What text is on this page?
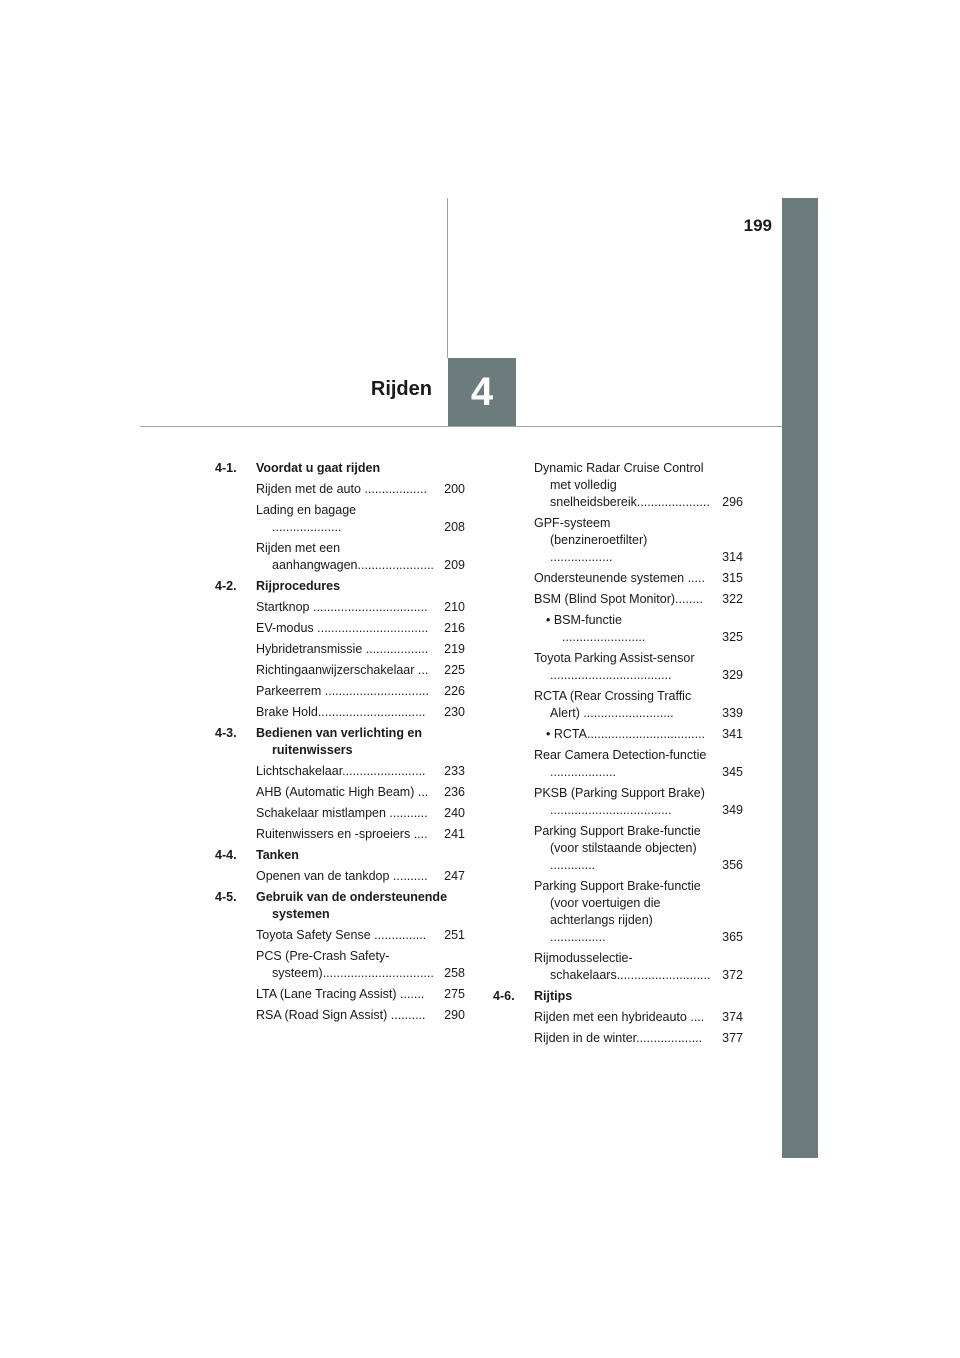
199
4
Rijden
4-1. Voordat u gaat rijden
Rijden met de auto ..................	200
Lading en bagage ....................	208
Rijden met een aanhangwagen...................... 209
4-2. Rijprocedures
Startknop .................................	210
EV-modus ................................	216
Hybridetransmissie ..................	219
Richtingaanwijzerschakelaar ...	225
Parkeerrem ..............................	226
Brake Hold...............................	230
4-3. Bedienen van verlichting en ruitenwissers
Lichtschakelaar........................	233
AHB (Automatic High Beam) ...	236
Schakelaar mistlampen ...........	240
Ruitenwissers en -sproeiers ....	241
4-4. Tanken
Openen van de tankdop ..........	247
4-5. Gebruik van de ondersteunende systemen
Toyota Safety Sense ...............	251
PCS (Pre-Crash Safety-systeem)................................ 258
LTA (Lane Tracing Assist) .......	275
RSA (Road Sign Assist) ..........	290
Dynamic Radar Cruise Control met volledig snelheidsbereik..................... 296
GPF-systeem (benzineroetfilter) ..................	314
Ondersteunende systemen .....	315
BSM (Blind Spot Monitor)........	322
• BSM-functie ........................	325
Toyota Parking Assist-sensor ...................................	329
RCTA (Rear Crossing Traffic Alert) ..........................	339
• RCTA..................................	341
Rear Camera Detection-functie ...................	345
PKSB (Parking Support Brake) ...................................	349
Parking Support Brake-functie (voor stilstaande objecten) .............	356
Parking Support Brake-functie (voor voertuigen die achterlangs rijden) ................	365
Rijmodusselectie-schakelaars........................... 372
4-6. Rijtips
Rijden met een hybrideauto ....	374
Rijden in de winter...................	377
